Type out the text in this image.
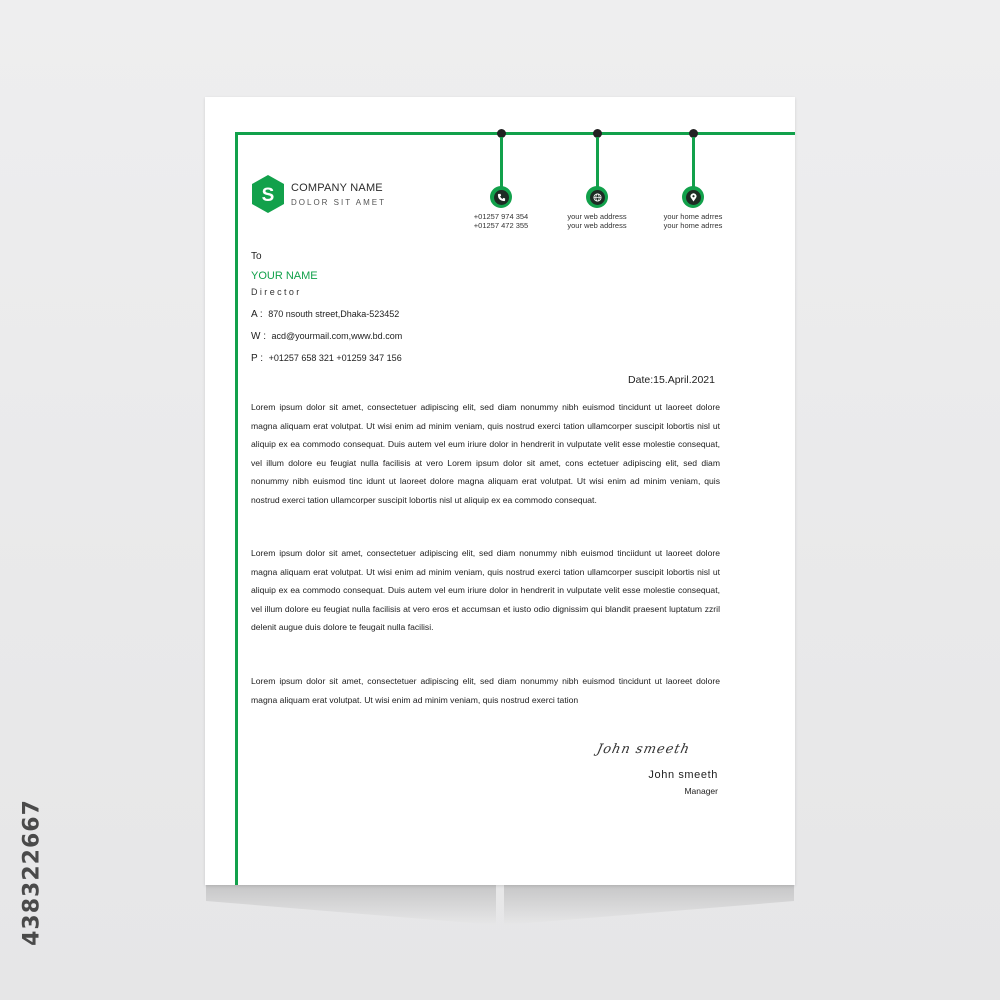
438322667
+01257 974 354
+01257 472 355
your web address
your web address
your home adrres
your home adrres
S COMPANY NAME
DOLOR SIT AMET
To
YOUR NAME
Director
A : 870 nsouth street,Dhaka-523452
W : acd@yourmail.com,www.bd.com
P : +01257 658 321 +01259 347 156
Date:15.April.2021
Lorem ipsum dolor sit amet, consectetuer adipiscing elit, sed diam nonummy nibh euismod tincidunt ut laoreet dolore magna aliquam erat volutpat. Ut wisi enim ad minim veniam, quis nostrud exerci tation ullamcorper suscipit lobortis nisl ut aliquip ex ea commodo consequat. Duis autem vel eum iriure dolor in hendrerit in vulputate velit esse molestie consequat, vel illum dolore eu feugiat nulla facilisis at vero Lorem ipsum dolor sit amet, cons ectetuer adipiscing elit, sed diam nonummy nibh euismod tinc idunt ut laoreet dolore magna aliquam erat volutpat. Ut wisi enim ad minim veniam, quis nostrud exerci tation ullamcorper suscipit lobortis nisl ut aliquip ex ea commodo consequat.
Lorem ipsum dolor sit amet, consectetuer adipiscing elit, sed diam nonummy nibh euismod tinciidunt ut laoreet dolore magna aliquam erat volutpat. Ut wisi enim ad minim veniam, quis nostrud exerci tation ullamcorper suscipit lobortis nisl ut aliquip ex ea commodo consequat. Duis autem vel eum iriure dolor in hendrerit in vulputate velit esse molestie consequat, vel illum dolore eu feugiat nulla facilisis at vero eros et accumsan et iusto odio dignissim qui blandit praesent luptatum zzril delenit augue duis dolore te feugait nulla facilisi.
Lorem ipsum dolor sit amet, consectetuer adipiscing elit, sed diam nonummy nibh euismod tincidunt ut laoreet dolore magna aliquam erat volutpat. Ut wisi enim ad minim veniam, quis nostrud exerci tation
John smeeth
John smeeth
Manager
